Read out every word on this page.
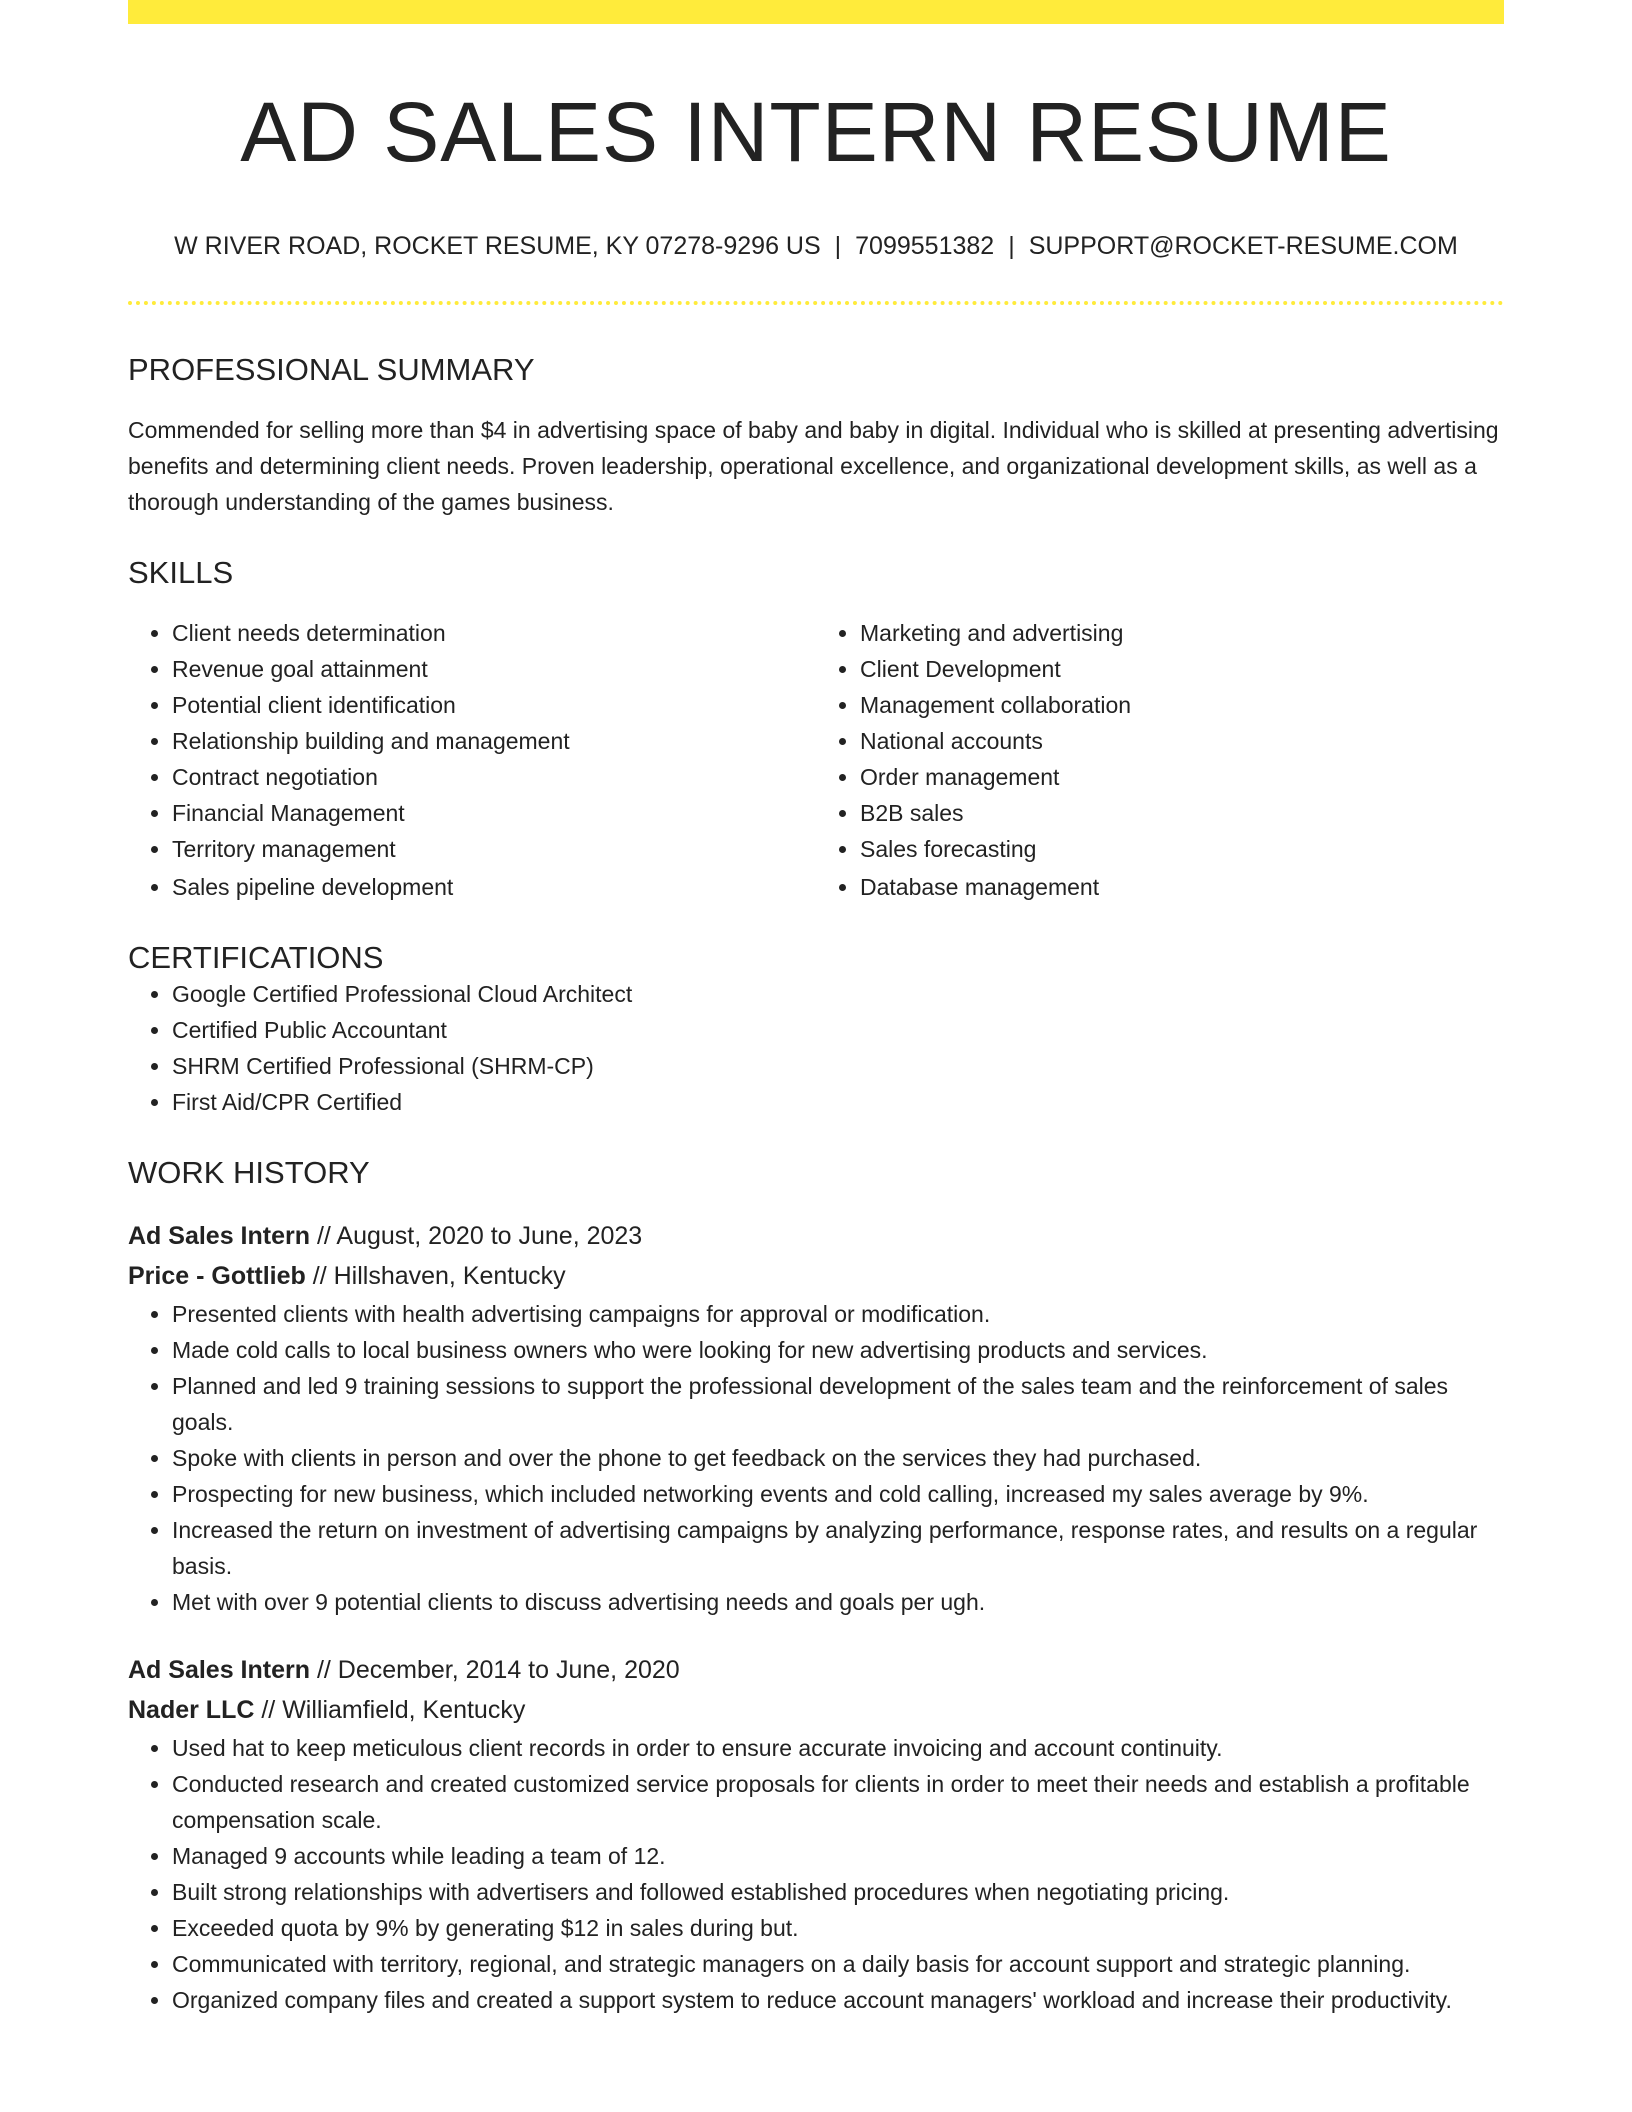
AD SALES INTERN RESUME
W RIVER ROAD, ROCKET RESUME, KY 07278-9296 US | 7099551382 | SUPPORT@ROCKET-RESUME.COM
PROFESSIONAL SUMMARY

Commended for selling more than $4 in advertising space of baby and baby in digital. Individual who is skilled at presenting advertising benefits and determining client needs. Proven leadership, operational excellence, and organizational development skills, as well as a thorough understanding of the games business.

SKILLS
• Client needs determination
• Revenue goal attainment
• Potential client identification
• Relationship building and management
• Contract negotiation
• Financial Management
• Territory management
• Sales pipeline development
• Marketing and advertising
• Client Development
• Management collaboration
• National accounts
• Order management
• B2B sales
• Sales forecasting
• Database management
CERTIFICATIONS
• Google Certified Professional Cloud Architect
• Certified Public Accountant
• SHRM Certified Professional (SHRM-CP)
• First Aid/CPR Certified
WORK HISTORY
Ad Sales Intern // August, 2020 to June, 2023
Price - Gottlieb // Hillshaven, Kentucky
• Presented clients with health advertising campaigns for approval or modification.
• Made cold calls to local business owners who were looking for new advertising products and services.
• Planned and led 9 training sessions to support the professional development of the sales team and the reinforcement of sales goals.
• Spoke with clients in person and over the phone to get feedback on the services they had purchased.
• Prospecting for new business, which included networking events and cold calling, increased my sales average by 9%.
• Increased the return on investment of advertising campaigns by analyzing performance, response rates, and results on a regular basis.
• Met with over 9 potential clients to discuss advertising needs and goals per ugh.
Ad Sales Intern // December, 2014 to June, 2020
Nader LLC // Williamfield, Kentucky
• Used hat to keep meticulous client records in order to ensure accurate invoicing and account continuity.
• Conducted research and created customized service proposals for clients in order to meet their needs and establish a profitable compensation scale.
• Managed 9 accounts while leading a team of 12.
• Built strong relationships with advertisers and followed established procedures when negotiating pricing.
• Exceeded quota by 9% by generating $12 in sales during but.
• Communicated with territory, regional, and strategic managers on a daily basis for account support and strategic planning.
• Organized company files and created a support system to reduce account managers' workload and increase their productivity.
